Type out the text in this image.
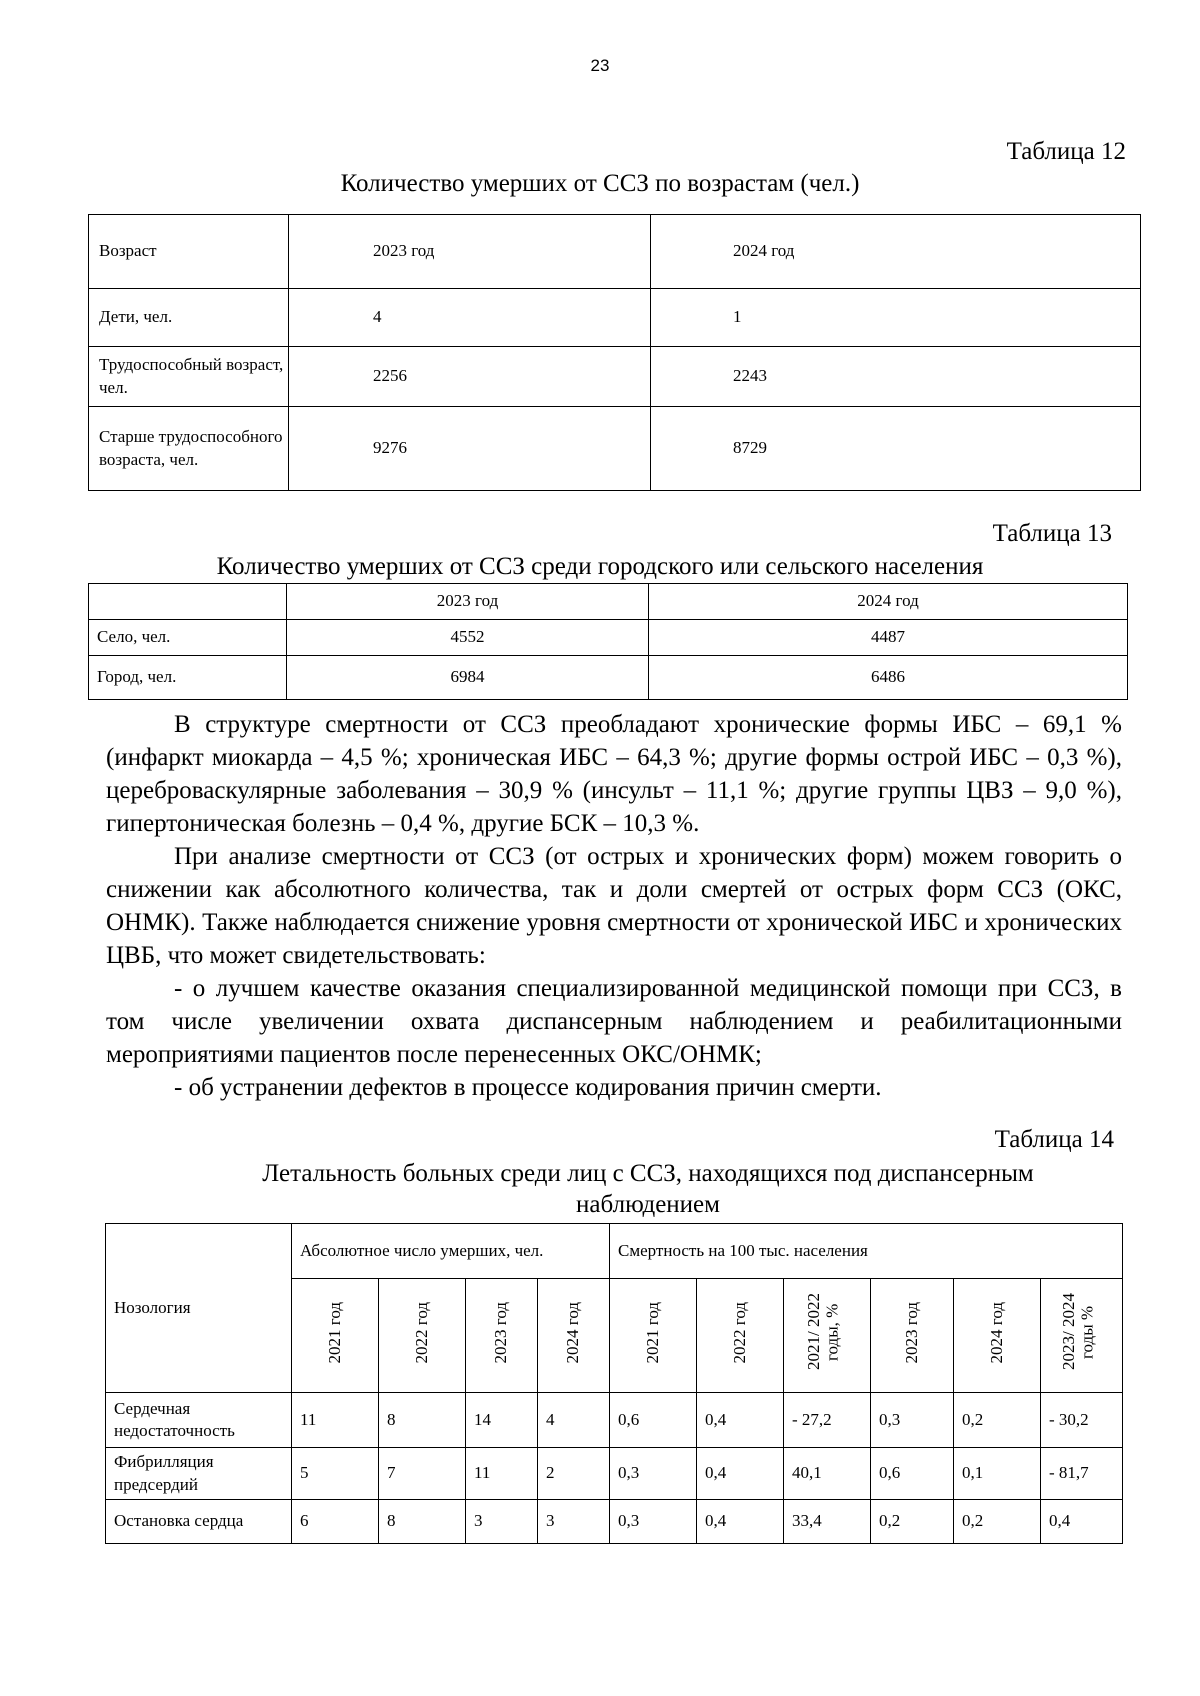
23
Таблица 12
Количество умерших от ССЗ по возрастам (чел.)
Возраст	2023 год	2024 год
Дети, чел.	4	1
Трудоспособный возраст, чел.	2256	2243
Старше трудоспособного возраста, чел.	9276	8729
Таблица 13
Количество умерших от ССЗ среди городского или сельского населения
	2023 год	2024 год
Село, чел.	4552	4487
Город, чел.	6984	6486

В структуре смертности от ССЗ преобладают хронические формы ИБС – 69,1 % (инфаркт миокарда – 4,5 %; хроническая ИБС – 64,3 %; другие формы острой ИБС – 0,3 %), цереброваскулярные заболевания – 30,9 % (инсульт – 11,1 %; другие группы ЦВЗ – 9,0 %), гипертоническая болезнь – 0,4 %, другие БСК – 10,3 %.

При анализе смертности от ССЗ (от острых и хронических форм) можем говорить о снижении как абсолютного количества, так и доли смертей от острых форм ССЗ (ОКС, ОНМК). Также наблюдается снижение уровня смертности от хронической ИБС и хронических ЦВБ, что может свидетельствовать:

- о лучшем качестве оказания специализированной медицинской помощи при ССЗ, в том числе увеличении охвата диспансерным наблюдением и реабилитационными мероприятиями пациентов после перенесенных ОКС/ОНМК;

- об устранении дефектов в процессе кодирования причин смерти.

Таблица 14
Летальность больных среди лиц с ССЗ, находящихся под диспансерным наблюдением
Нозология	Абсолютное число умерших, чел.				Смертность на 100 тыс. населения					
	2021 год	2022 год	2023 год	2024 год	2021 год	2022 год	2021/ 2022 годы, %	2023 год	2024 год	2023/ 2024 годы %
Сердечная недостаточность	11	8	14	4	0,6	0,4	- 27,2	0,3	0,2	- 30,2
Фибрилляция предсердий	5	7	11	2	0,3	0,4	40,1	0,6	0,1	- 81,7
Остановка сердца	6	8	3	3	0,3	0,4	33,4	0,2	0,2	0,4
